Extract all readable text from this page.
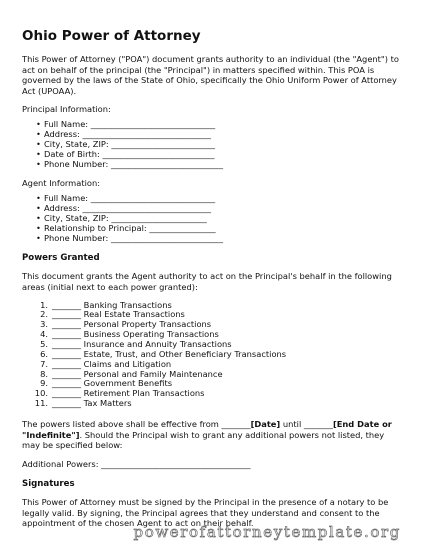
Ohio Power of Attorney

This Power of Attorney ("POA") document grants authority to an individual (the "Agent") to act on behalf of the principal (the "Principal") in matters specified within. This POA is governed by the laws of the State of Ohio, specifically the Ohio Uniform Power of Attorney Act (UPOAA).

Principal Information:
• Full Name: ______________________________
• Address: _______________________________
• City, State, ZIP: _________________________
• Date of Birth: ___________________________
• Phone Number: ___________________________
Agent Information:
• Full Name: ______________________________
• Address: _______________________________
• City, State, ZIP: _______________________
• Relationship to Principal: ________________
• Phone Number: ___________________________
Powers Granted

This document grants the Agent authority to act on the Principal's behalf in the following areas (initial next to each power granted):

1. _______ Banking Transactions
2. _______ Real Estate Transactions
3. _______ Personal Property Transactions
4. _______ Business Operating Transactions
5. _______ Insurance and Annuity Transactions
6. _______ Estate, Trust, and Other Beneficiary Transactions
7. _______ Claims and Litigation
8. _______ Personal and Family Maintenance
9. _______ Government Benefits
10. _______ Retirement Plan Transactions
11. _______ Tax Matters

The powers listed above shall be effective from _______[Date] until _______[End Date or "Indefinite"]. Should the Principal wish to grant any additional powers not listed, they may be specified below:

Additional Powers: ____________________________________

Signatures

This Power of Attorney must be signed by the Principal in the presence of a notary to be legally valid. By signing, the Principal agrees that they understand and consent to the appointment of the chosen Agent to act on their behalf.

powerofattorneytemplate.org
